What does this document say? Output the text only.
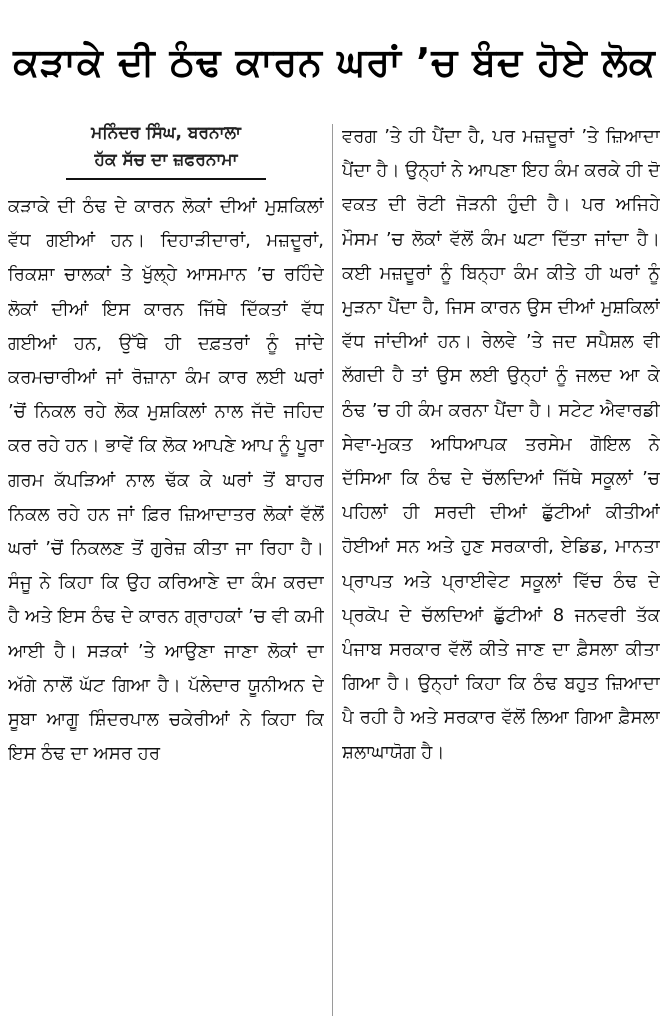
ਕੜਾਕੇ ਦੀ ਠੰਢ ਕਾਰਨ ਘਰਾਂ ’ਚ ਬੰਦ ਹੋਏ ਲੋਕ
ਮਨਿੰਦਰ ਸਿੰਘ, ਬਰਨਾਲਾ
ਹੱਕ ਸੱਚ ਦਾ ਜ਼ਫਰਨਾਮਾ

ਕੜਾਕੇ ਦੀ ਠੰਢ ਦੇ ਕਾਰਨ ਲੋਕਾਂ ਦੀਆਂ ਮੁਸ਼ਕਿਲਾਂ ਵੱਧ ਗਈਆਂ ਹਨ। ਦਿਹਾੜੀਦਾਰਾਂ, ਮਜ਼ਦੂਰਾਂ, ਰਿਕਸ਼ਾ ਚਾਲਕਾਂ ਤੇ ਖੁੱਲ੍ਹੇ ਆਸਮਾਨ ’ਚ ਰਹਿੰਦੇ ਲੋਕਾਂ ਦੀਆਂ ਇਸ ਕਾਰਨ ਜਿੱਥੇ ਦਿੱਕਤਾਂ ਵੱਧ ਗਈਆਂ ਹਨ, ਉੱਥੇ ਹੀ ਦਫ਼ਤਰਾਂ ਨੂੰ ਜਾਂਦੇ ਕਰਮਚਾਰੀਆਂ ਜਾਂ ਰੋਜ਼ਾਨਾ ਕੰਮ ਕਾਰ ਲਈ ਘਰਾਂ ’ਚੋਂ ਨਿਕਲ ਰਹੇ ਲੋਕ ਮੁਸ਼ਕਿਲਾਂ ਨਾਲ ਜੱਦੋ ਜਹਿਦ ਕਰ ਰਹੇ ਹਨ। ਭਾਵੇਂ ਕਿ ਲੋਕ ਆਪਣੇ ਆਪ ਨੂੰ ਪੂਰਾ ਗਰਮ ਕੱਪੜਿਆਂ ਨਾਲ ਢੱਕ ਕੇ ਘਰਾਂ ਤੋਂ ਬਾਹਰ ਨਿਕਲ ਰਹੇ ਹਨ ਜਾਂ ਫ਼ਿਰ ਜ਼ਿਆਦਾਤਰ ਲੋਕਾਂ ਵੱਲੋਂ ਘਰਾਂ ’ਚੋਂ ਨਿਕਲਣ ਤੋਂ ਗੁਰੇਜ਼ ਕੀਤਾ ਜਾ ਰਿਹਾ ਹੈ। ਸੰਜੂ ਨੇ ਕਿਹਾ ਕਿ ਉਹ ਕਰਿਆਣੇ ਦਾ ਕੰਮ ਕਰਦਾ ਹੈ ਅਤੇ ਇਸ ਠੰਢ ਦੇ ਕਾਰਨ ਗ੍ਰਾਹਕਾਂ ’ਚ ਵੀ ਕਮੀ ਆਈ ਹੈ। ਸੜਕਾਂ ’ਤੇ ਆਉਣਾ ਜਾਣਾ ਲੋਕਾਂ ਦਾ ਅੱਗੇ ਨਾਲੋਂ ਘੱਟ ਗਿਆ ਹੈ। ਪੱਲੇਦਾਰ ਯੂਨੀਅਨ ਦੇ ਸੂਬਾ ਆਗੂ ਸ਼ਿੰਦਰਪਾਲ ਚਕੇਰੀਆਂ ਨੇ ਕਿਹਾ ਕਿ ਇਸ ਠੰਢ ਦਾ ਅਸਰ ਹਰ

ਵਰਗ ’ਤੇ ਹੀ ਪੈਂਦਾ ਹੈ, ਪਰ ਮਜ਼ਦੂਰਾਂ ’ਤੇ ਜ਼ਿਆਦਾ ਪੈਂਦਾ ਹੈ। ਉਨ੍ਹਾਂ ਨੇ ਆਪਣਾ ਇਹ ਕੰਮ ਕਰਕੇ ਹੀ ਦੋ ਵਕਤ ਦੀ ਰੋਟੀ ਜੋੜਨੀ ਹੁੰਦੀ ਹੈ। ਪਰ ਅਜਿਹੇ ਮੌਸਮ ’ਚ ਲੋਕਾਂ ਵੱਲੋਂ ਕੰਮ ਘਟਾ ਦਿੱਤਾ ਜਾਂਦਾ ਹੈ। ਕਈ ਮਜ਼ਦੂਰਾਂ ਨੂੰ ਬਿਨ੍ਹਾ ਕੰਮ ਕੀਤੇ ਹੀ ਘਰਾਂ ਨੂੰ ਮੁੜਨਾ ਪੈਂਦਾ ਹੈ, ਜਿਸ ਕਾਰਨ ਉਸ ਦੀਆਂ ਮੁਸ਼ਕਿਲਾਂ ਵੱਧ ਜਾਂਦੀਆਂ ਹਨ। ਰੇਲਵੇ ’ਤੇ ਜਦ ਸਪੈਸ਼ਲ ਵੀ ਲੱਗਦੀ ਹੈ ਤਾਂ ਉਸ ਲਈ ਉਨ੍ਹਾਂ ਨੂੰ ਜਲਦ ਆ ਕੇ ਠੰਢ ’ਚ ਹੀ ਕੰਮ ਕਰਨਾ ਪੈਂਦਾ ਹੈ। ਸਟੇਟ ਐਵਾਰਡੀ ਸੇਵਾ-ਮੁਕਤ ਅਧਿਆਪਕ ਤਰਸੇਮ ਗੋਇਲ ਨੇ ਦੱਸਿਆ ਕਿ ਠੰਢ ਦੇ ਚੱਲਦਿਆਂ ਜਿੱਥੇ ਸਕੂਲਾਂ ’ਚ ਪਹਿਲਾਂ ਹੀ ਸਰਦੀ ਦੀਆਂ ਛੁੱਟੀਆਂ ਕੀਤੀਆਂ ਹੋਈਆਂ ਸਨ ਅਤੇ ਹੁਣ ਸਰਕਾਰੀ, ਏਡਿਡ, ਮਾਨਤਾ ਪ੍ਰਾਪਤ ਅਤੇ ਪ੍ਰਾਈਵੇਟ ਸਕੂਲਾਂ ਵਿੱਚ ਠੰਢ ਦੇ ਪ੍ਰਕੋਪ ਦੇ ਚੱਲਦਿਆਂ ਛੁੱਟੀਆਂ 8 ਜਨਵਰੀ ਤੱਕ ਪੰਜਾਬ ਸਰਕਾਰ ਵੱਲੋਂ ਕੀਤੇ ਜਾਣ ਦਾ ਫ਼ੈਸਲਾ ਕੀਤਾ ਗਿਆ ਹੈ। ਉਨ੍ਹਾਂ ਕਿਹਾ ਕਿ ਠੰਢ ਬਹੁਤ ਜ਼ਿਆਦਾ ਪੈ ਰਹੀ ਹੈ ਅਤੇ ਸਰਕਾਰ ਵੱਲੋਂ ਲਿਆ ਗਿਆ ਫ਼ੈਸਲਾ ਸ਼ਲਾਘਾਯੋਗ ਹੈ।
